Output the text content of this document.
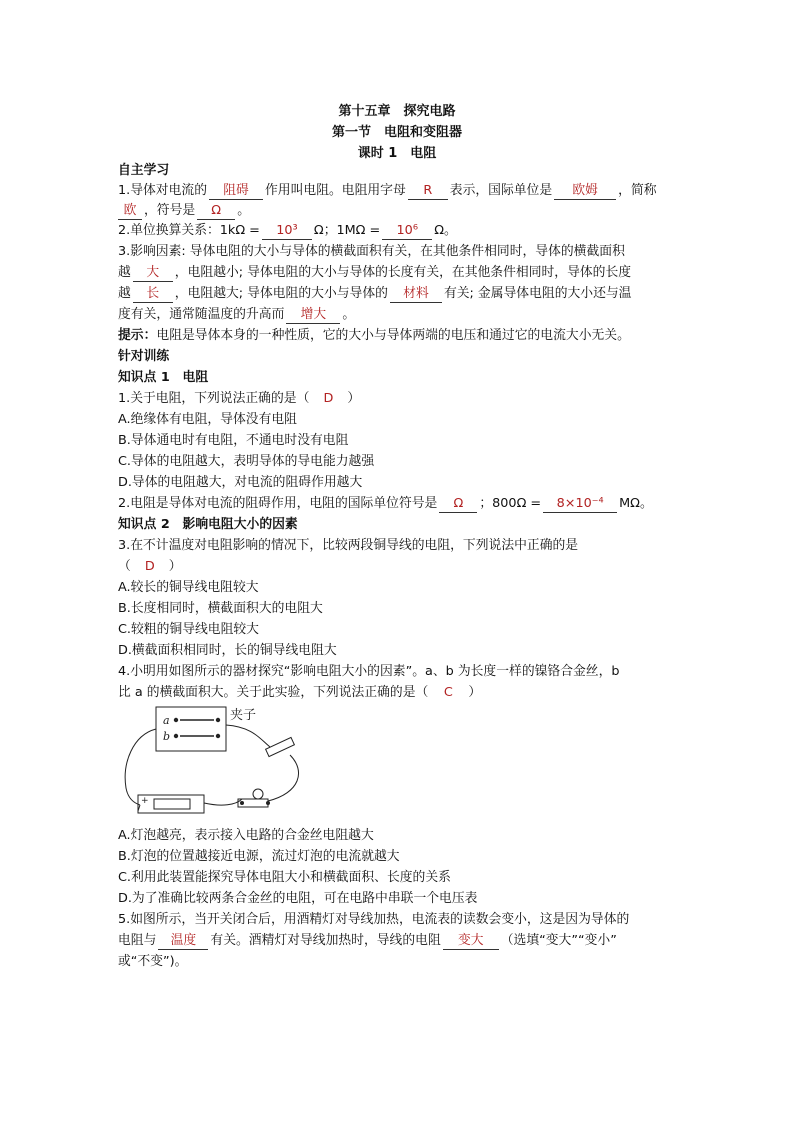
第十五章　探究电路
第一节　电阻和变阻器
课时 1　电阻
自主学习
1.导体对电流的 阻碍 作用叫电阻。电阻用字母 R 表示，国际单位是 欧姆 ，简称
欧 ，符号是 Ω 。
2.单位换算关系：1kΩ = 10³ Ω；1MΩ = 10⁶ Ω。
3.影响因素: 导体电阻的大小与导体的横截面积有关，在其他条件相同时，导体的横截面积
越 大 ，电阻越小; 导体电阻的大小与导体的长度有关，在其他条件相同时，导体的长度
越 长 ，电阻越大; 导体电阻的大小与导体的 材料 有关; 金属导体电阻的大小还与温
度有关，通常随温度的升高而 增大 。
提示：电阻是导体本身的一种性质，它的大小与导体两端的电压和通过它的电流大小无关。
针对训练
知识点 1　电阻
1.关于电阻，下列说法正确的是（ D ）
A.绝缘体有电阻，导体没有电阻
B.导体通电时有电阻，不通电时没有电阻
C.导体的电阻越大，表明导体的导电能力越强
D.导体的电阻越大，对电流的阻碍作用越大
2.电阻是导体对电流的阻碍作用，电阻的国际单位符号是 Ω ；800Ω = 8×10⁻⁴ MΩ。
知识点 2　影响电阻大小的因素
3.在不计温度对电阻影响的情况下，比较两段铜导线的电阻，下列说法中正确的是
（ D ）
A.较长的铜导线电阻较大
B.长度相同时，横截面积大的电阻大
C.较粗的铜导线电阻较大
D.横截面积相同时，长的铜导线电阻大
4.小明用如图所示的器材探究“影响电阻大小的因素”。a、b 为长度一样的镍铬合金丝，b
比 a 的横截面积大。关于此实验，下列说法正确的是（ C ）
a
b
夹子
+
A.灯泡越亮，表示接入电路的合金丝电阻越大
B.灯泡的位置越接近电源，流过灯泡的电流就越大
C.利用此装置能探究导体电阻大小和横截面积、长度的关系
D.为了准确比较两条合金丝的电阻，可在电路中串联一个电压表
5.如图所示，当开关闭合后，用酒精灯对导线加热，电流表的读数会变小，这是因为导体的
电阻与 温度 有关。酒精灯对导线加热时，导线的电阻 变大 （选填“变大”“变小”
或“不变”)。
